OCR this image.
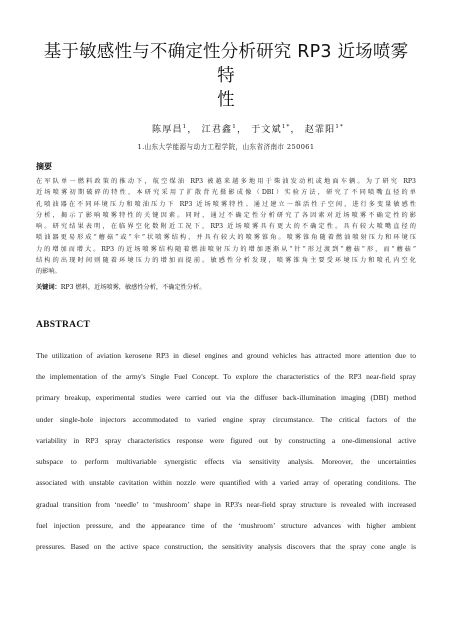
基于敏感性与不确定性分析研究 RP3 近场喷雾特
性
陈厚昌$^1$， 江君鑫$^1$， 于文斌$^{1*}$， 赵霏阳$^{1*}$
1.山东大学能源与动力工程学院，山东省济南市 250061
摘要
在军队单一燃料政策的推动下，航空煤油 RP3 被越来越多地用于柴油发动机或地面车辆。为了研究 RP3
近场喷雾初期破碎的特性，本研究采用了扩散背光摄影成像（DBI）实验方法，研究了不同喷嘴直径的单
孔喷油器在不同环境压力和喷油压力下 RP3 近场喷雾特性。通过建立一维活性子空间，进行多变量敏感性
分析，揭示了影响喷雾特性的关键因素。同时，通过不确定性分析研究了各因素对近场喷雾不确定性的影
响。研究结果表明，在临界空化数附近工况下，RP3 近场喷雾具有更大的不确定性。具有较大喷嘴直径的
喷油器更易形成“蘑菇”或“伞”状喷雾结构，并具有较大的喷雾锥角。喷雾锥角随着燃油喷射压力和环境压
力的增加而增大。RP3 的近场喷雾结构随着燃油喷射压力的增加逐渐从“针”形过渡到“蘑菇”形，而“蘑菇”
结构的出现时间则随着环境压力的增加而提前。敏感性分析发现，喷雾锥角主要受环境压力和喷孔内空化
的影响。
关键词：RP3 燃料，近场喷雾，敏感性分析，不确定性分析。
ABSTRACT
The utilization of aviation kerosene RP3 in diesel engines and ground vehicles has attracted more attention due to
the implementation of the army's Single Fuel Concept. To explore the characteristics of the RP3 near-field spray
primary breakup, experimental studies were carried out via the diffuser back-illumination imaging (DBI) method
under single-hole injectors accommodated to varied engine spray circumstance. The critical factors of the
variability in RP3 spray characteristics response were figured out by constructing a one-dimensional active
subspace to perform multivariable synergistic effects via sensitivity analysis. Moreover, the uncertainties
associated with unstable cavitation within nozzle were quantified with a varied array of operating conditions. The
gradual transition from ‘needle’ to ‘mushroom’ shape in RP3's near-field spray structure is revealed with increased
fuel injection pressure, and the appearance time of the ‘mushroom’ structure advances with higher ambient
pressures. Based on the active space construction, the sensitivity analysis discovers that the spray cone angle is
